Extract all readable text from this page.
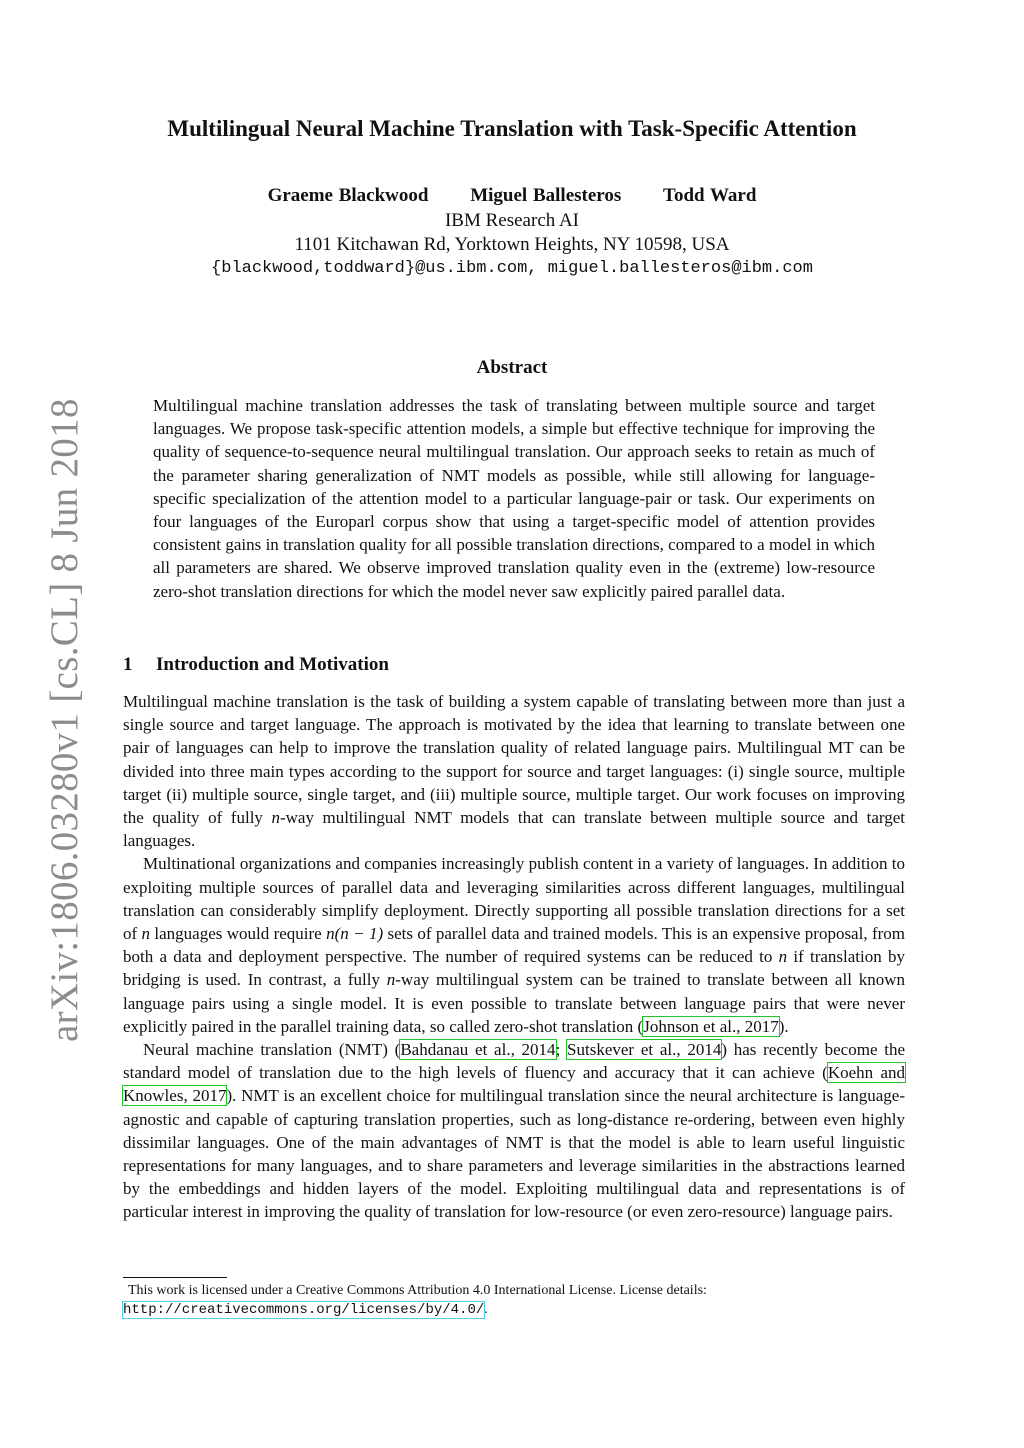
arXiv:1806.03280v1 [cs.CL] 8 Jun 2018
Multilingual Neural Machine Translation with Task-Specific Attention
Graeme Blackwood Miguel Ballesteros Todd Ward
IBM Research AI
1101 Kitchawan Rd, Yorktown Heights, NY 10598, USA
{blackwood,toddward}@us.ibm.com, miguel.ballesteros@ibm.com
Abstract

Multilingual machine translation addresses the task of translating between multiple source and target languages. We propose task-specific attention models, a simple but effective technique for improving the quality of sequence-to-sequence neural multilingual translation. Our approach seeks to retain as much of the parameter sharing generalization of NMT models as possible, while still allowing for language-specific specialization of the attention model to a particular language-pair or task. Our experiments on four languages of the Europarl corpus show that using a target-specific model of attention provides consistent gains in translation quality for all possible translation directions, compared to a model in which all parameters are shared. We observe improved translation quality even in the (extreme) low-resource zero-shot translation directions for which the model never saw explicitly paired parallel data.

1 Introduction and Motivation

Multilingual machine translation is the task of building a system capable of translating between more than just a single source and target language. The approach is motivated by the idea that learning to translate between one pair of languages can help to improve the translation quality of related language pairs. Multilingual MT can be divided into three main types according to the support for source and target languages: (i) single source, multiple target (ii) multiple source, single target, and (iii) multiple source, multiple target. Our work focuses on improving the quality of fully n-way multilingual NMT models that can translate between multiple source and target languages.

Multinational organizations and companies increasingly publish content in a variety of languages. In addition to exploiting multiple sources of parallel data and leveraging similarities across different languages, multilingual translation can considerably simplify deployment. Directly supporting all possible translation directions for a set of n languages would require n(n − 1) sets of parallel data and trained models. This is an expensive proposal, from both a data and deployment perspective. The number of required systems can be reduced to n if translation by bridging is used. In contrast, a fully n-way multilingual system can be trained to translate between all known language pairs using a single model. It is even possible to translate between language pairs that were never explicitly paired in the parallel training data, so called zero-shot translation (Johnson et al., 2017).

Neural machine translation (NMT) (Bahdanau et al., 2014; Sutskever et al., 2014) has recently become the standard model of translation due to the high levels of fluency and accuracy that it can achieve (Koehn and Knowles, 2017). NMT is an excellent choice for multilingual translation since the neural architecture is language-agnostic and capable of capturing translation properties, such as long-distance re-ordering, between even highly dissimilar languages. One of the main advantages of NMT is that the model is able to learn useful linguistic representations for many languages, and to share parameters and leverage similarities in the abstractions learned by the embeddings and hidden layers of the model. Exploiting multilingual data and representations is of particular interest in improving the quality of translation for low-resource (or even zero-resource) language pairs.

This work is licensed under a Creative Commons Attribution 4.0 International License. License details:
http://creativecommons.org/licenses/by/4.0/.
